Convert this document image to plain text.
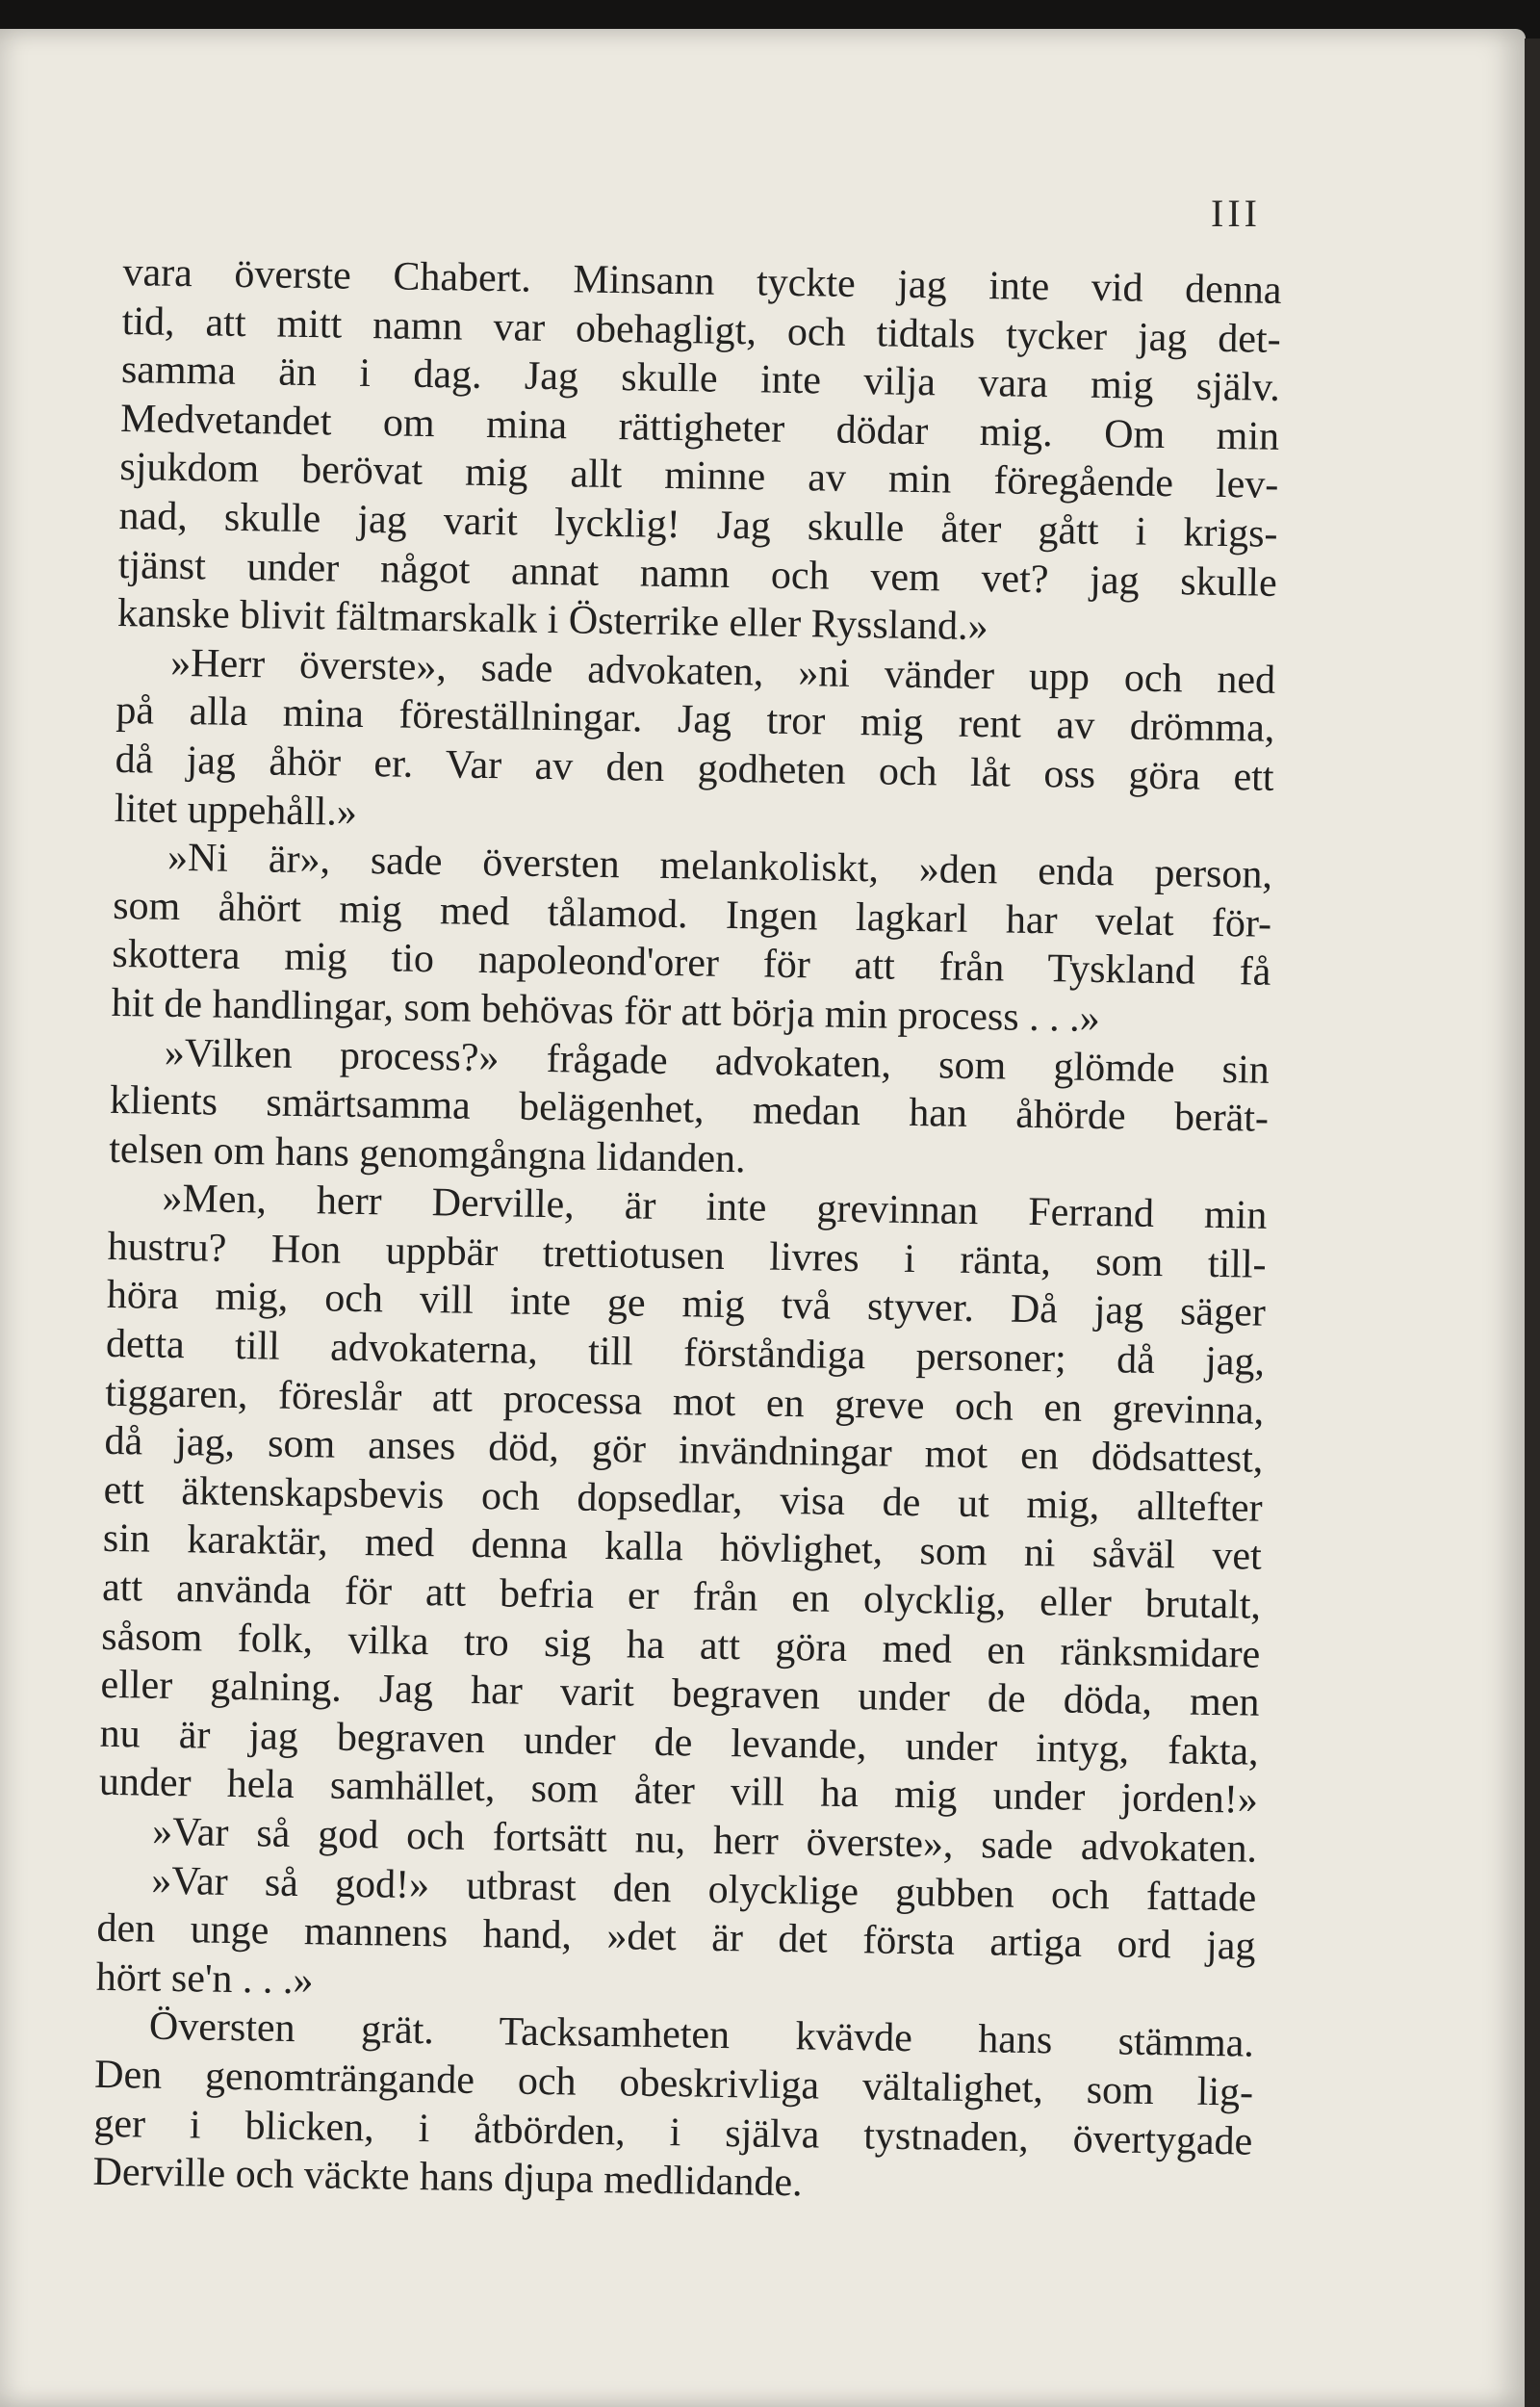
III
vara överste Chabert. Minsann tyckte jag inte vid denna
tid, att mitt namn var obehagligt, och tidtals tycker jag det-
samma än i dag. Jag skulle inte vilja vara mig själv.
Medvetandet om mina rättigheter dödar mig. Om min
sjukdom berövat mig allt minne av min föregående lev-
nad, skulle jag varit lycklig! Jag skulle åter gått i krigs-
tjänst under något annat namn och vem vet? jag skulle
kanske blivit fältmarskalk i Österrike eller Ryssland.»
»Herr överste», sade advokaten, »ni vänder upp och ned
på alla mina föreställningar. Jag tror mig rent av drömma,
då jag åhör er. Var av den godheten och låt oss göra ett
litet uppehåll.»
»Ni är», sade översten melankoliskt, »den enda person,
som åhört mig med tålamod. Ingen lagkarl har velat för-
skottera mig tio napoleond'orer för att från Tyskland få
hit de handlingar, som behövas för att börja min process . . .»
»Vilken process?» frågade advokaten, som glömde sin
klients smärtsamma belägenhet, medan han åhörde berät-
telsen om hans genomgångna lidanden.
»Men, herr Derville, är inte grevinnan Ferrand min
hustru? Hon uppbär trettiotusen livres i ränta, som till-
höra mig, och vill inte ge mig två styver. Då jag säger
detta till advokaterna, till förståndiga personer; då jag,
tiggaren, föreslår att processa mot en greve och en grevinna,
då jag, som anses död, gör invändningar mot en dödsattest,
ett äktenskapsbevis och dopsedlar, visa de ut mig, alltefter
sin karaktär, med denna kalla hövlighet, som ni såväl vet
att använda för att befria er från en olycklig, eller brutalt,
såsom folk, vilka tro sig ha att göra med en ränksmidare
eller galning. Jag har varit begraven under de döda, men
nu är jag begraven under de levande, under intyg, fakta,
under hela samhället, som åter vill ha mig under jorden!»
»Var så god och fortsätt nu, herr överste», sade advokaten.
»Var så god!» utbrast den olycklige gubben och fattade
den unge mannens hand, »det är det första artiga ord jag
hört se'n . . .»
Översten grät. Tacksamheten kvävde hans stämma.
Den genomträngande och obeskrivliga vältalighet, som lig-
ger i blicken, i åtbörden, i själva tystnaden, övertygade
Derville och väckte hans djupa medlidande.
